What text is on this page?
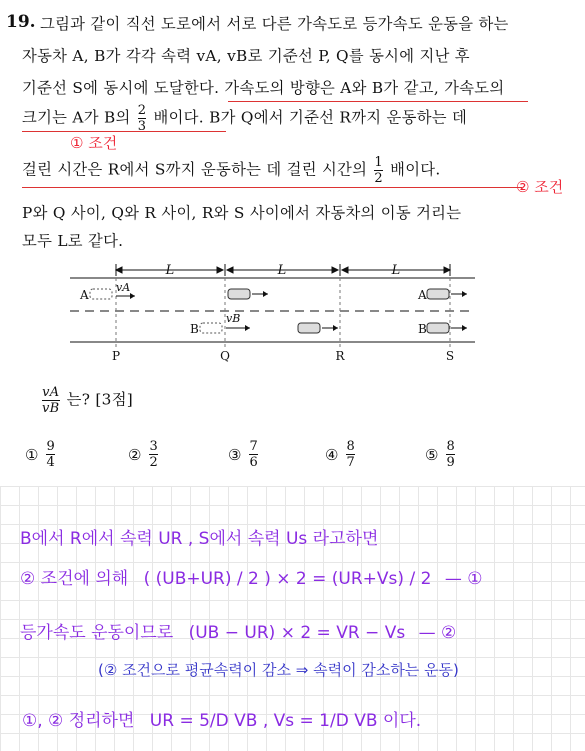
19. 그림과 같이 직선 도로에서 서로 다른 가속도로 등가속도 운동을 하는
자동차 A, B가 각각 속력 vA, vB로 기준선 P, Q를 동시에 지난 후
기준선 S에 동시에 도달한다. 가속도의 방향은 A와 B가 같고, 가속도의
크기는 A가 B의 $\frac{2}{3}$ 배이다. B가 Q에서 기준선 R까지 운동하는 데
① 조건
걸린 시간은 R에서 S까지 운동하는 데 걸린 시간의 $\frac{1}{2}$ 배이다.
② 조건
P와 Q 사이, Q와 R 사이, R와 S 사이에서 자동차의 이동 거리는
모두 L로 같다.
L	L	L
P	Q	R	S
A
vA
A
B
vB
B
$\frac{vA}{vB}$ 는? [3점]
① $\frac{9}{4}$	② $\frac{3}{2}$	③ $\frac{7}{6}$	④ $\frac{8}{7}$	⑤ $\frac{8}{9}$
B에서 R에서 속력 UR , S에서 속력 Us 라고하면
② 조건에 의해 ( (UB+UR) / 2 ) × 2 = (UR+Vs) / 2 — ①
등가속도 운동이므로 (UB − UR) × 2 = VR − Vs — ②
(② 조건으로 평균속력이 감소 ⇒ 속력이 감소하는 운동)
①, ② 정리하면 UR = 5/D VB , Vs = 1/D VB 이다.
